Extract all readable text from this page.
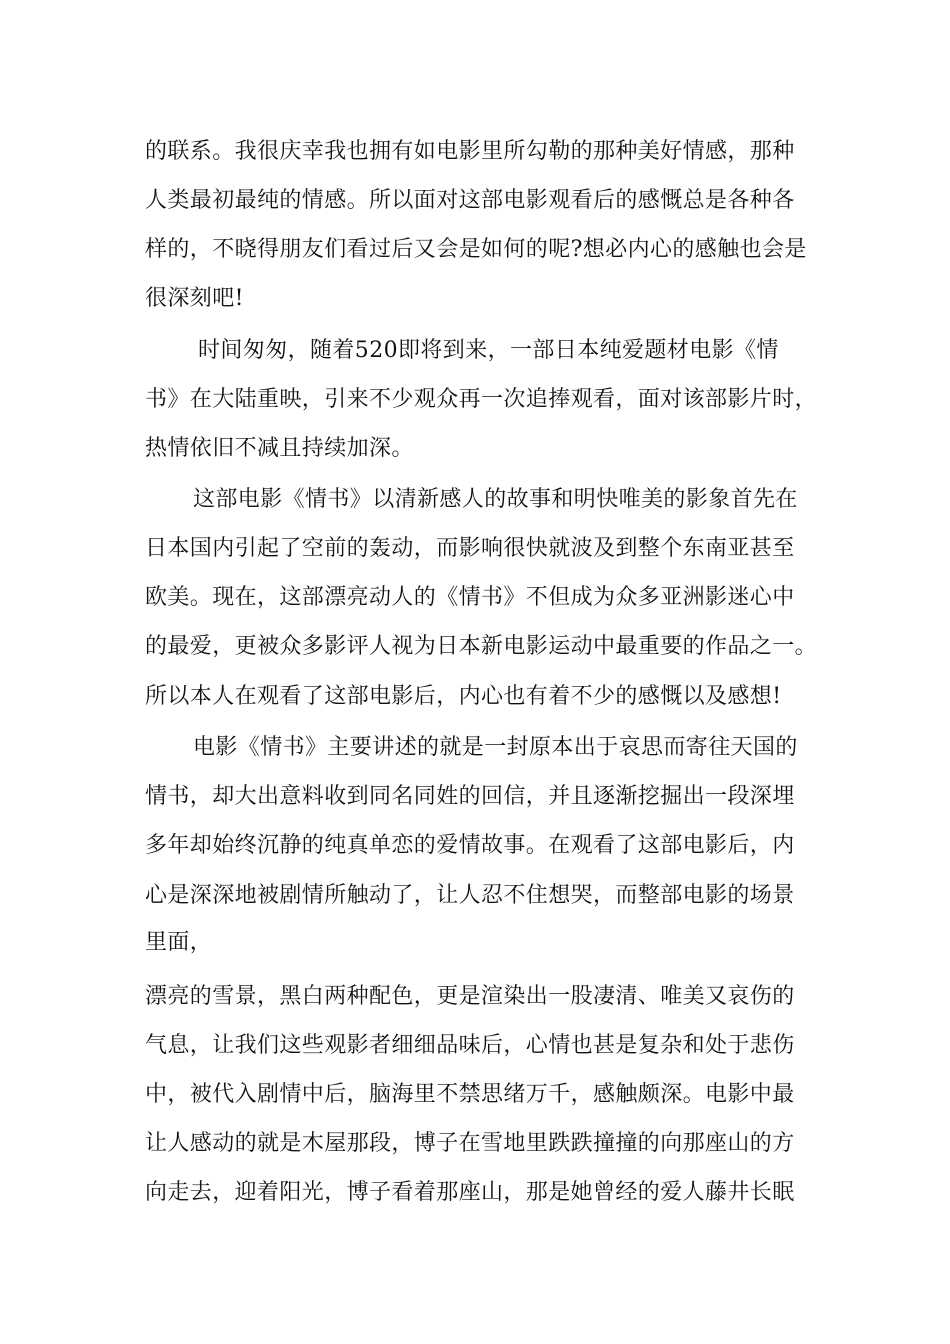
的联系。我很庆幸我也拥有如电影里所勾勒的那种美好情感，那种
人类最初最纯的情感。所以面对这部电影观看后的感慨总是各种各
样的，不晓得朋友们看过后又会是如何的呢?想必内心的感触也会是
很深刻吧!
时间匆匆，随着520即将到来，一部日本纯爱题材电影《情
书》在大陆重映，引来不少观众再一次追捧观看，面对该部影片时，
热情依旧不减且持续加深。
这部电影《情书》以清新感人的故事和明快唯美的影象首先在
日本国内引起了空前的轰动，而影响很快就波及到整个东南亚甚至
欧美。现在，这部漂亮动人的《情书》不但成为众多亚洲影迷心中
的最爱，更被众多影评人视为日本新电影运动中最重要的作品之一。
所以本人在观看了这部电影后，内心也有着不少的感慨以及感想!
电影《情书》主要讲述的就是一封原本出于哀思而寄往天国的
情书，却大出意料收到同名同姓的回信，并且逐渐挖掘出一段深埋
多年却始终沉静的纯真单恋的爱情故事。在观看了这部电影后，内
心是深深地被剧情所触动了，让人忍不住想哭，而整部电影的场景
里面，
漂亮的雪景，黑白两种配色，更是渲染出一股凄清、唯美又哀伤的
气息，让我们这些观影者细细品味后，心情也甚是复杂和处于悲伤
中，被代入剧情中后，脑海里不禁思绪万千，感触颇深。电影中最
让人感动的就是木屋那段，博子在雪地里跌跌撞撞的向那座山的方
向走去，迎着阳光，博子看着那座山，那是她曾经的爱人藤井长眠
